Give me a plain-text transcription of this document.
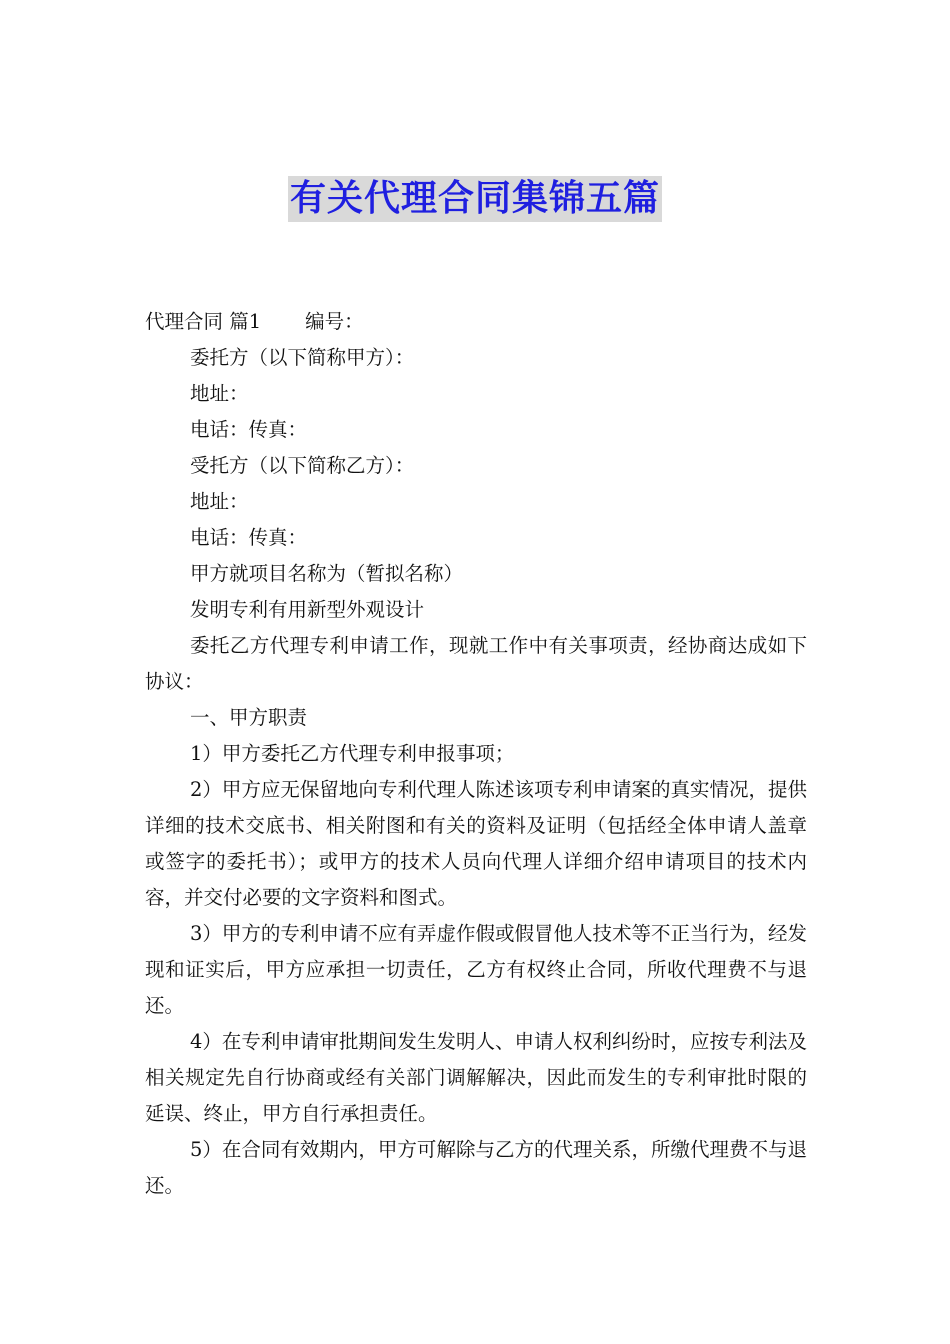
有关代理合同集锦五篇

代理合同 篇1 编号：

委托方（以下简称甲方）：

地址：

电话：传真：

受托方（以下简称乙方）：

地址：

电话：传真：

甲方就项目名称为（暂拟名称）

发明专利有用新型外观设计

委托乙方代理专利申请工作，现就工作中有关事项责，经协商达成如下协议：

一、甲方职责

1）甲方委托乙方代理专利申报事项；

2）甲方应无保留地向专利代理人陈述该项专利申请案的真实情况，提供详细的技术交底书、相关附图和有关的资料及证明（包括经全体申请人盖章或签字的委托书）；或甲方的技术人员向代理人详细介绍申请项目的技术内容，并交付必要的文字资料和图式。

3）甲方的专利申请不应有弄虚作假或假冒他人技术等不正当行为，经发现和证实后，甲方应承担一切责任，乙方有权终止合同，所收代理费不与退还。

4）在专利申请审批期间发生发明人、申请人权利纠纷时，应按专利法及相关规定先自行协商或经有关部门调解解决，因此而发生的专利审批时限的延误、终止，甲方自行承担责任。

5）在合同有效期内，甲方可解除与乙方的代理关系，所缴代理费不与退还。
